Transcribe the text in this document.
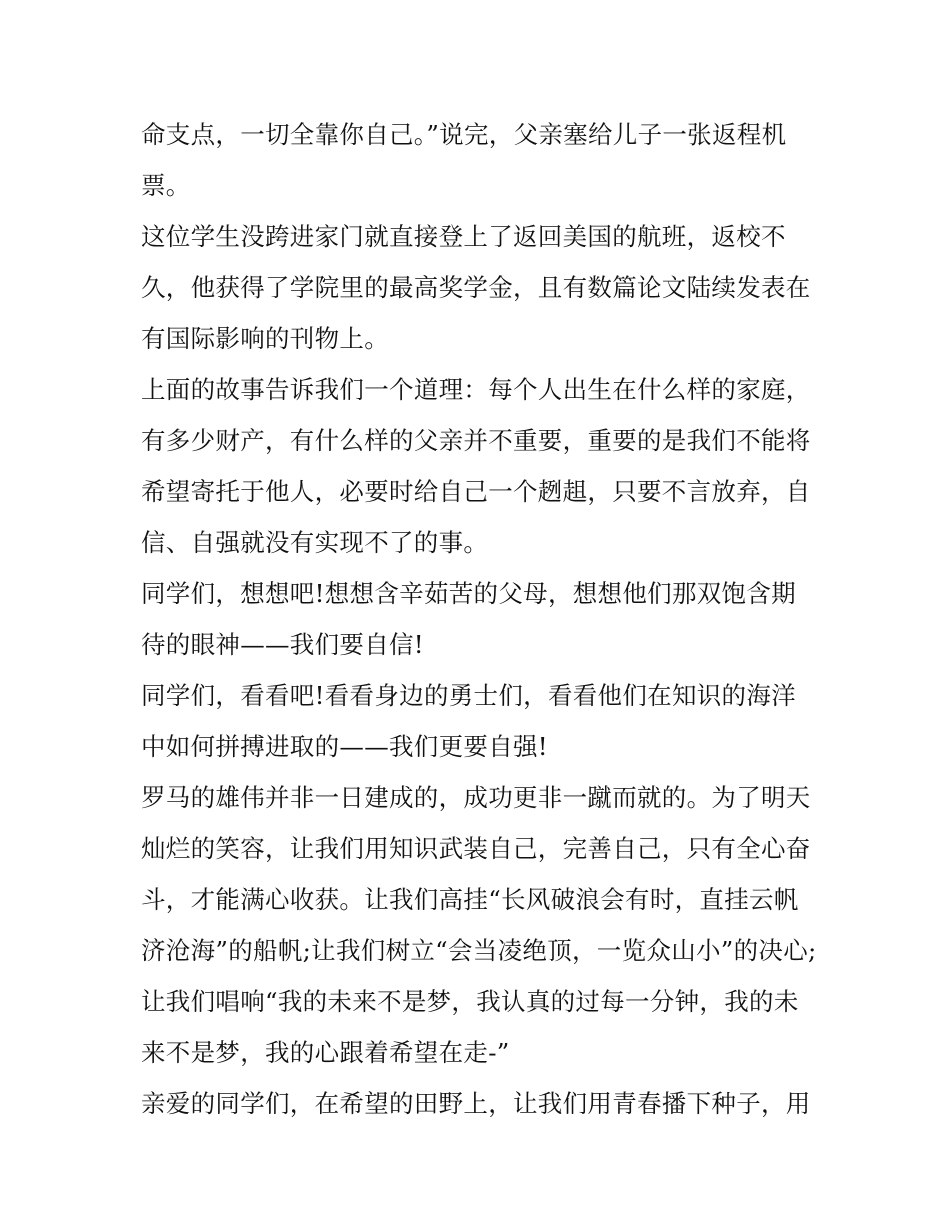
命支点，一切全靠你自己。”说完，父亲塞给儿子一张返程机
票。
这位学生没跨进家门就直接登上了返回美国的航班，返校不
久，他获得了学院里的最高奖学金，且有数篇论文陆续发表在
有国际影响的刊物上。
上面的故事告诉我们一个道理：每个人出生在什么样的家庭，
有多少财产，有什么样的父亲并不重要，重要的是我们不能将
希望寄托于他人，必要时给自己一个趔趄，只要不言放弃，自
信、自强就没有实现不了的事。
同学们，想想吧!想想含辛茹苦的父母，想想他们那双饱含期
待的眼神——我们要自信!
同学们，看看吧!看看身边的勇士们，看看他们在知识的海洋
中如何拼搏进取的——我们更要自强!
罗马的雄伟并非一日建成的，成功更非一蹴而就的。为了明天
灿烂的笑容，让我们用知识武装自己，完善自己，只有全心奋
斗，才能满心收获。让我们高挂“长风破浪会有时，直挂云帆
济沧海”的船帆;让我们树立“会当凌绝顶，一览众山小”的决心;
让我们唱响“我的未来不是梦，我认真的过每一分钟，我的未
来不是梦，我的心跟着希望在走-”
亲爱的同学们，在希望的田野上，让我们用青春播下种子，用
